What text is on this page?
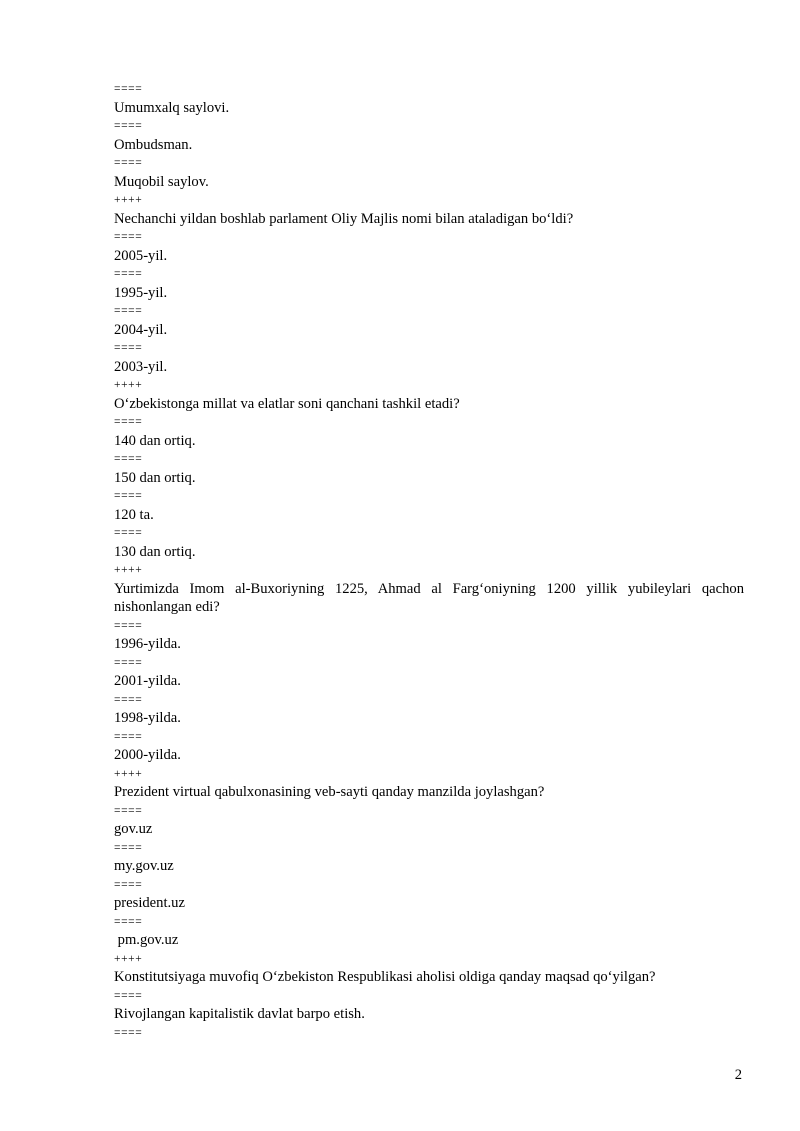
====
Umumxalq saylovi.
====
Ombudsman.
====
Muqobil saylov.
++++
Nechanchi yildan boshlab parlament Oliy Majlis nomi bilan ataladigan bo‘ldi?
====
2005-yil.
====
1995-yil.
====
2004-yil.
====
2003-yil.
++++
O‘zbekistonga millat va elatlar soni qanchani tashkil etadi?
====
140 dan ortiq.
====
150 dan ortiq.
====
120 ta.
====
130 dan ortiq.
++++
Yurtimizda Imom al-Buxoriyning 1225, Ahmad al Farg‘oniyning 1200 yillik yubileylari qachon nishonlangan edi?
====
1996-yilda.
====
2001-yilda.
====
1998-yilda.
====
2000-yilda.
++++
Prezident virtual qabulxonasining veb-sayti qanday manzilda joylashgan?
====
gov.uz
====
my.gov.uz
====
president.uz
====
pm.gov.uz
++++
Konstitutsiyaga muvofiq O‘zbekiston Respublikasi aholisi oldiga qanday maqsad qo‘yilgan?
====
Rivojlangan kapitalistik davlat barpo etish.
====
2
